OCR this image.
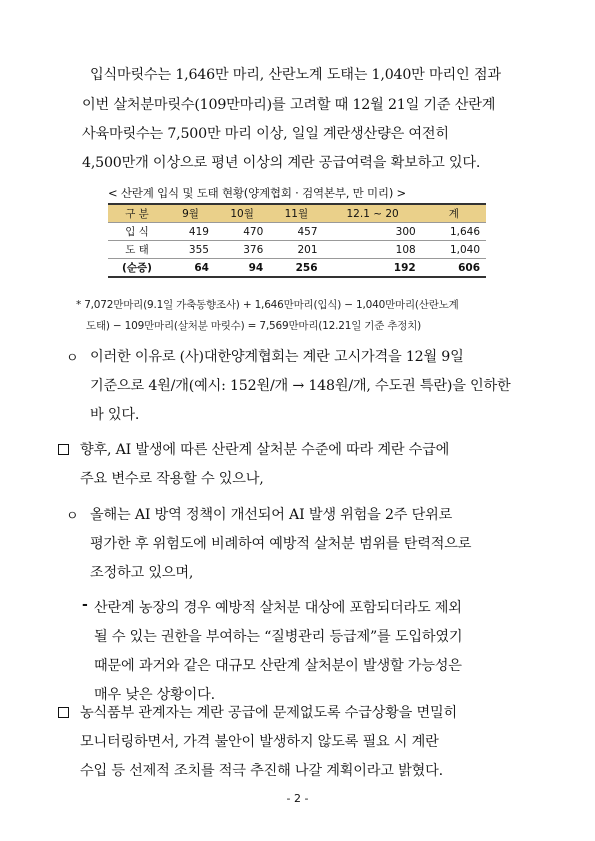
입식마릿수는 1,646만 마리, 산란노계 도태는 1,040만 마리인 점과
이번 살처분마릿수(109만마리)를 고려할 때 12월 21일 기준 산란계
사육마릿수는 7,500만 마리 이상, 일일 계란생산량은 여전히
4,500만개 이상으로 평년 이상의 계란 공급여력을 확보하고 있다.
< 산란계 입식 및 도태 현황(양계협회 · 검역본부, 만 미리) >
구 분	9월	10월	11월	12.1 ~ 20	계
입 식	419	470	457	300	1,646
도 태	355	376	201	108	1,040
(순증)	64	94	256	192	606
* 7,072만마리(9.1일 가축동향조사) + 1,646만마리(입식) − 1,040만마리(산란노계
도태) − 109만마리(살처분 마릿수) = 7,569만마리(12.21일 기준 추정치)
ㅇ 이러한 이유로 (사)대한양계협회는 계란 고시가격을 12월 9일
기준으로 4원/개(예시: 152원/개 → 148원/개, 수도권 특란)을 인하한
바 있다.
향후, AI 발생에 따른 산란계 살처분 수준에 따라 계란 수급에
주요 변수로 작용할 수 있으나,
ㅇ 올해는 AI 방역 정책이 개선되어 AI 발생 위험을 2주 단위로
평가한 후 위험도에 비례하여 예방적 살처분 범위를 탄력적으로
조정하고 있으며,
- 산란계 농장의 경우 예방적 살처분 대상에 포함되더라도 제외
될 수 있는 권한을 부여하는 “질병관리 등급제”를 도입하였기
때문에 과거와 같은 대규모 산란계 살처분이 발생할 가능성은
매우 낮은 상황이다.
농식품부 관계자는 계란 공급에 문제없도록 수급상황을 면밀히
모니터링하면서, 가격 불안이 발생하지 않도록 필요 시 계란
수입 등 선제적 조치를 적극 추진해 나갈 계획이라고 밝혔다.
- 2 -
